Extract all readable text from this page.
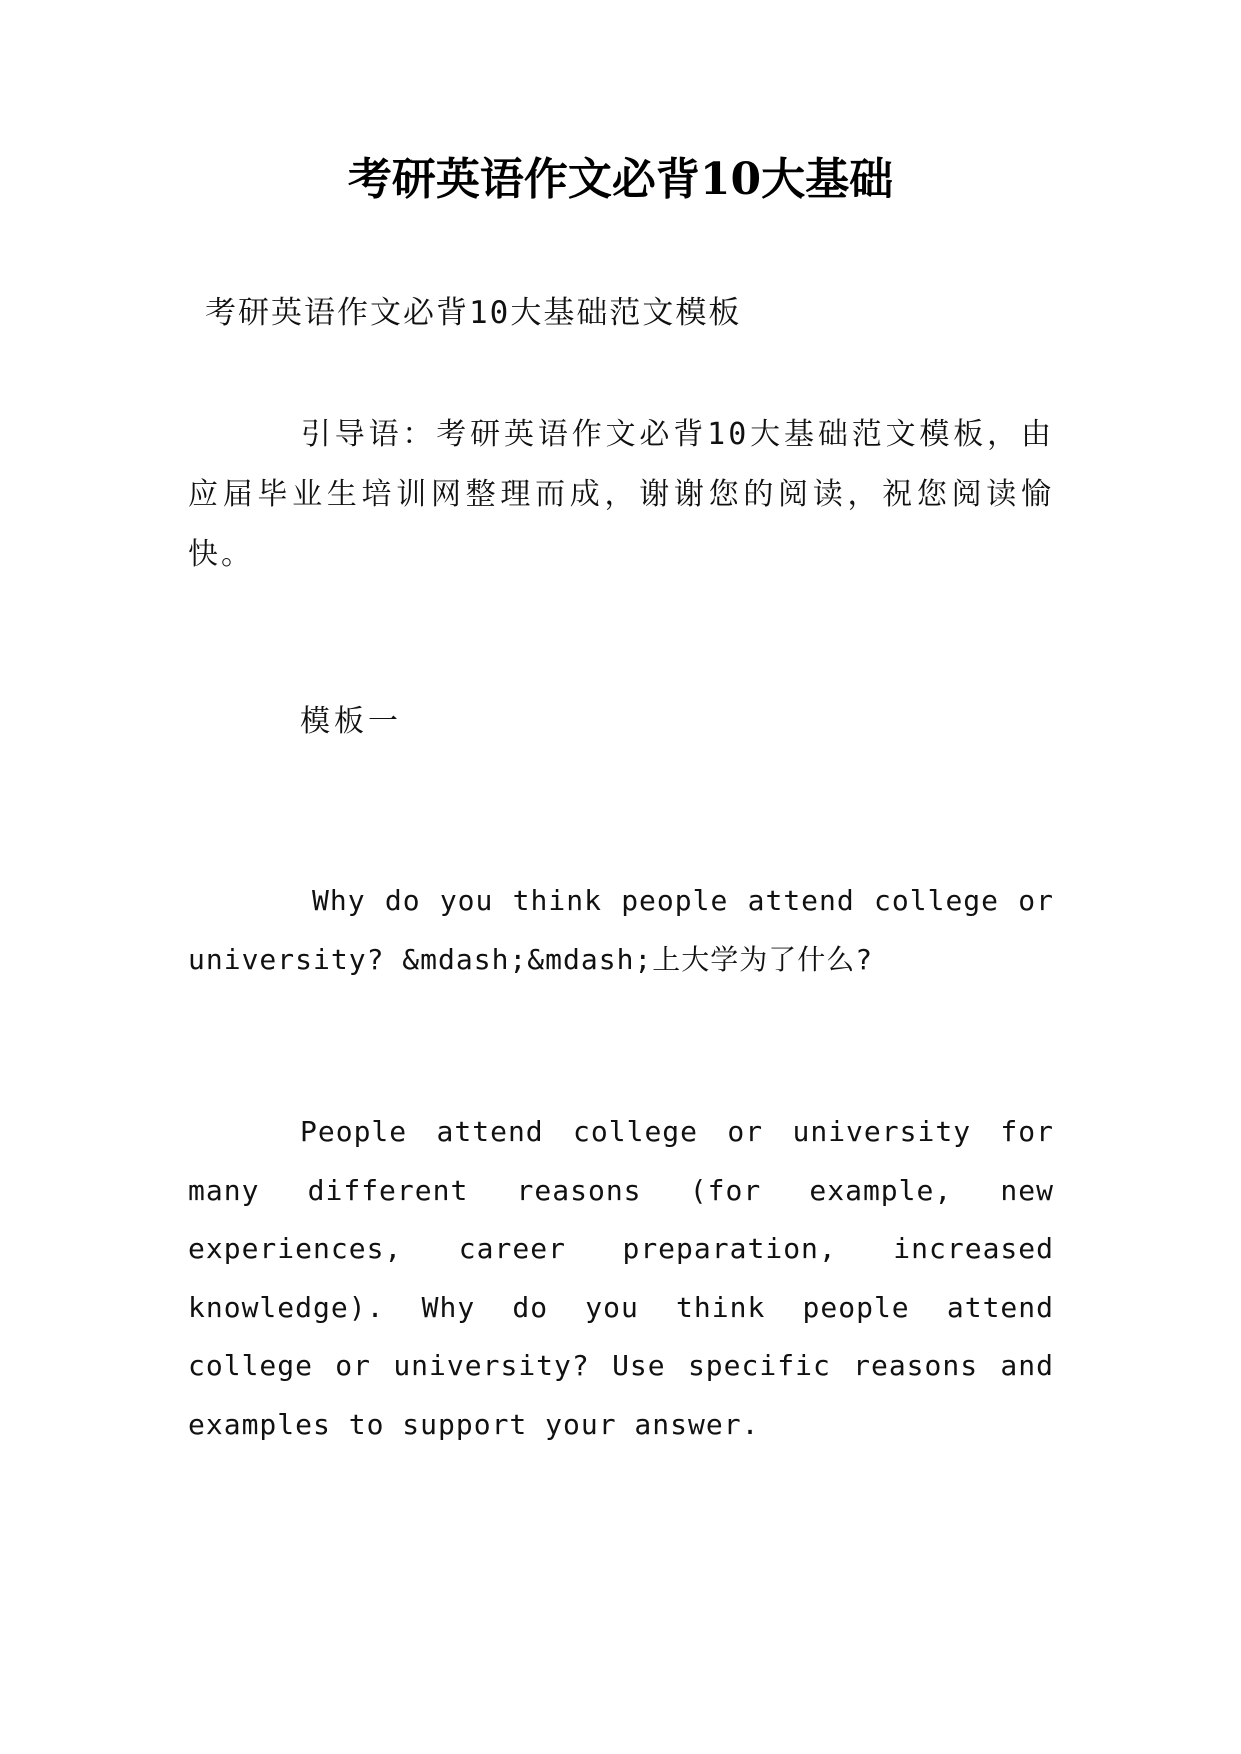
考研英语作文必背10大基础
考研英语作文必背10大基础范文模板
引导语：考研英语作文必背10大基础范文模板，由应届毕业生培训网整理而成，谢谢您的阅读，祝您阅读愉快。
模板一
Why do you think people attend college or university? &mdash;&mdash;上大学为了什么?
People attend college or university for many different reasons (for example, new experiences, career preparation, increased knowledge). Why do you think people attend college or university? Use specific reasons and examples to support your answer.
